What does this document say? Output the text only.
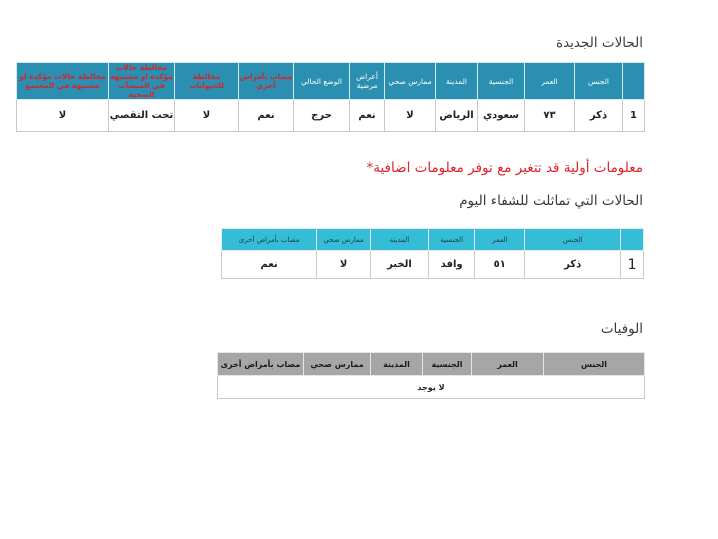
الحالات الجديدة
	الجنس	العمر	الجنسية	المدينة	ممارس صحي	أعراض مرضية	الوضع الحالي	مصاب بأمراض أخرى	مخالطة للحيوانات	مخالطة حالات مؤكدة او مشتبهة في المنشآت الصحية	مخالطة حالات مؤكدة او مشتبهة في المجتمع
1	ذكر	٧٣	سعودي	الرياض	لا	نعم	حرج	نعم	لا	تحت التقصي	لا
معلومات أولية قد تتغير مع توفر معلومات اضافية*
الحالات التي تماثلت للشفاء اليوم
	الجنس	العمر	الجنسية	المدينة	ممارس صحي	مصاب بأمراض أخرى
1	ذكر	٥١	وافد	الخبر	لا	نعم
الوفيات
الجنس	العمر	الجنسية	المدينة	ممارس صحي	مصاب بأمراض أخرى
لا يوجد
